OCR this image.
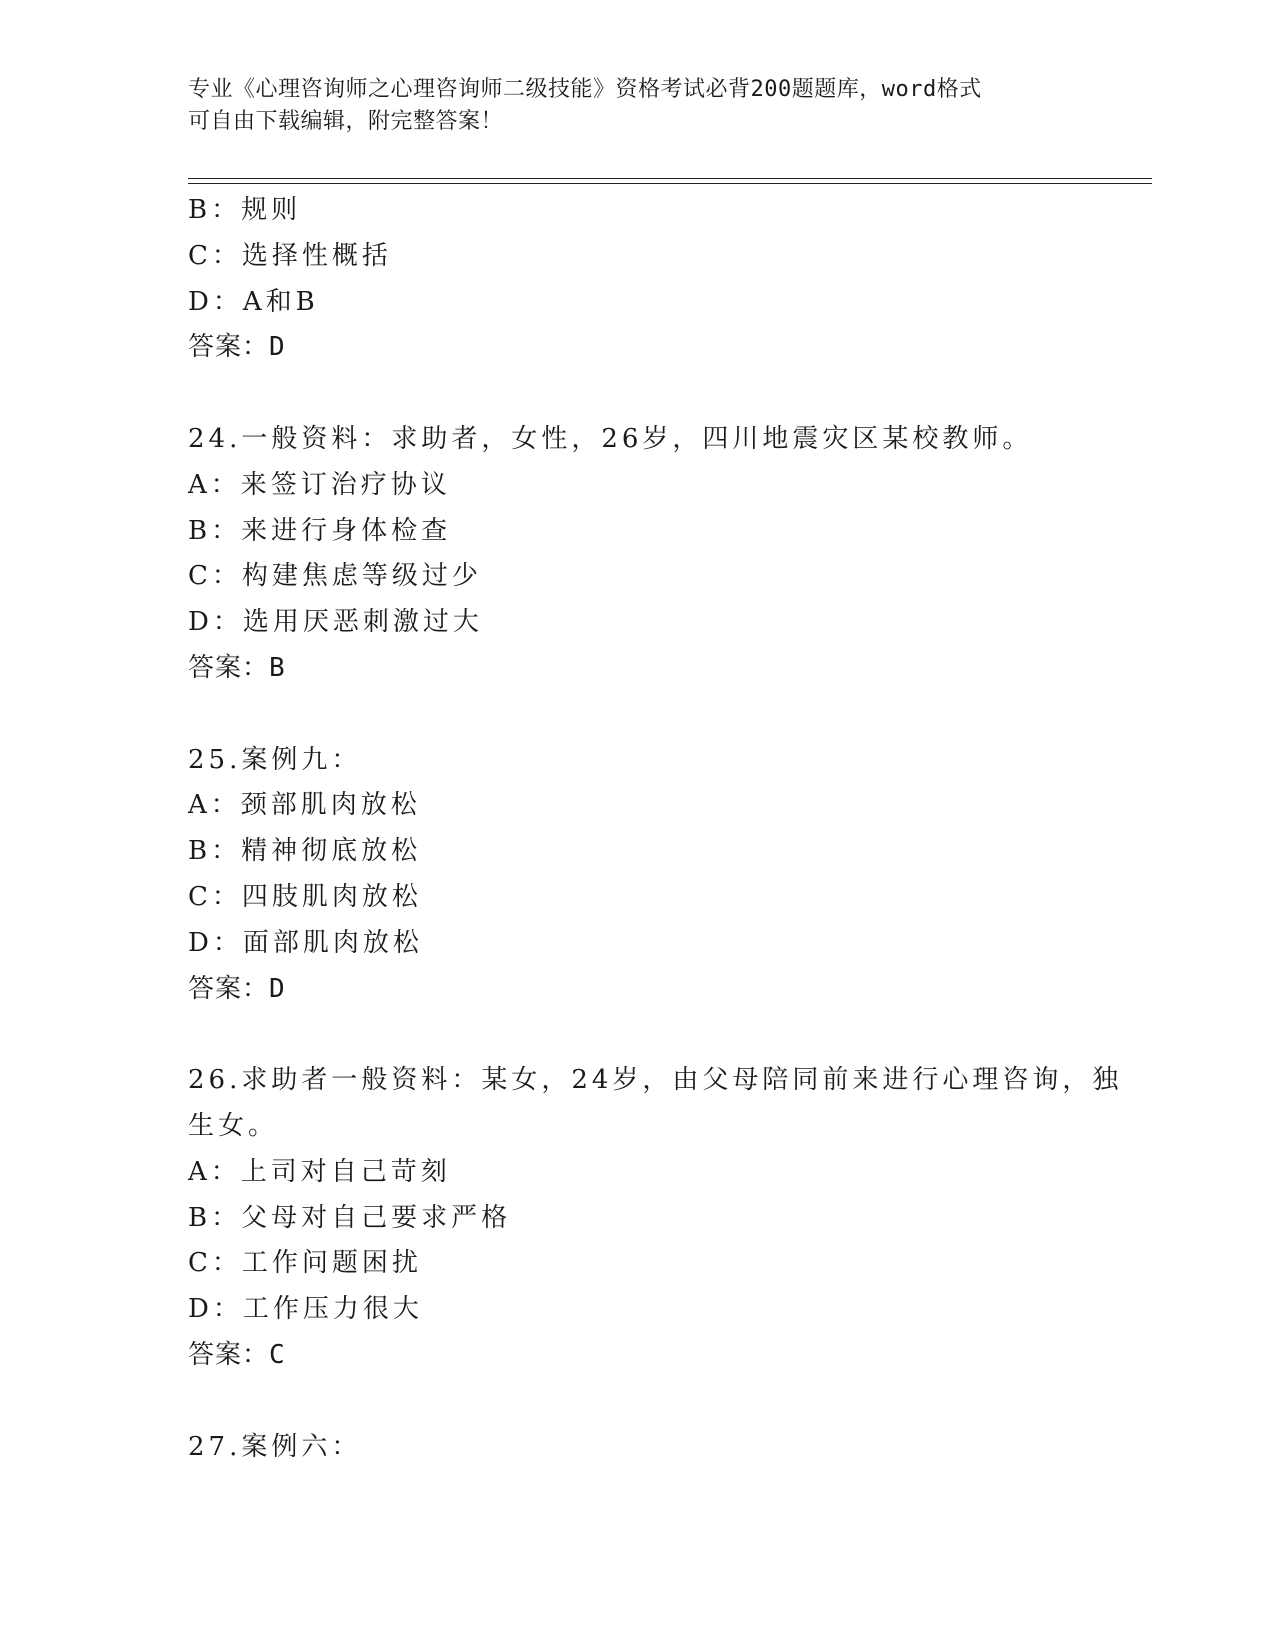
专业《心理咨询师之心理咨询师二级技能》资格考试必背200题题库，word格式
可自由下载编辑，附完整答案！
B：规则
C：选择性概括
D：A和B
答案：D
24.一般资料：求助者，女性，26岁，四川地震灾区某校教师。
A：来签订治疗协议
B：来进行身体检查
C：构建焦虑等级过少
D：选用厌恶刺激过大
答案：B
25.案例九：
A：颈部肌肉放松
B：精神彻底放松
C：四肢肌肉放松
D：面部肌肉放松
答案：D
26.求助者一般资料：某女，24岁，由父母陪同前来进行心理咨询，独生女。
A：上司对自己苛刻
B：父母对自己要求严格
C：工作问题困扰
D：工作压力很大
答案：C
27.案例六：
